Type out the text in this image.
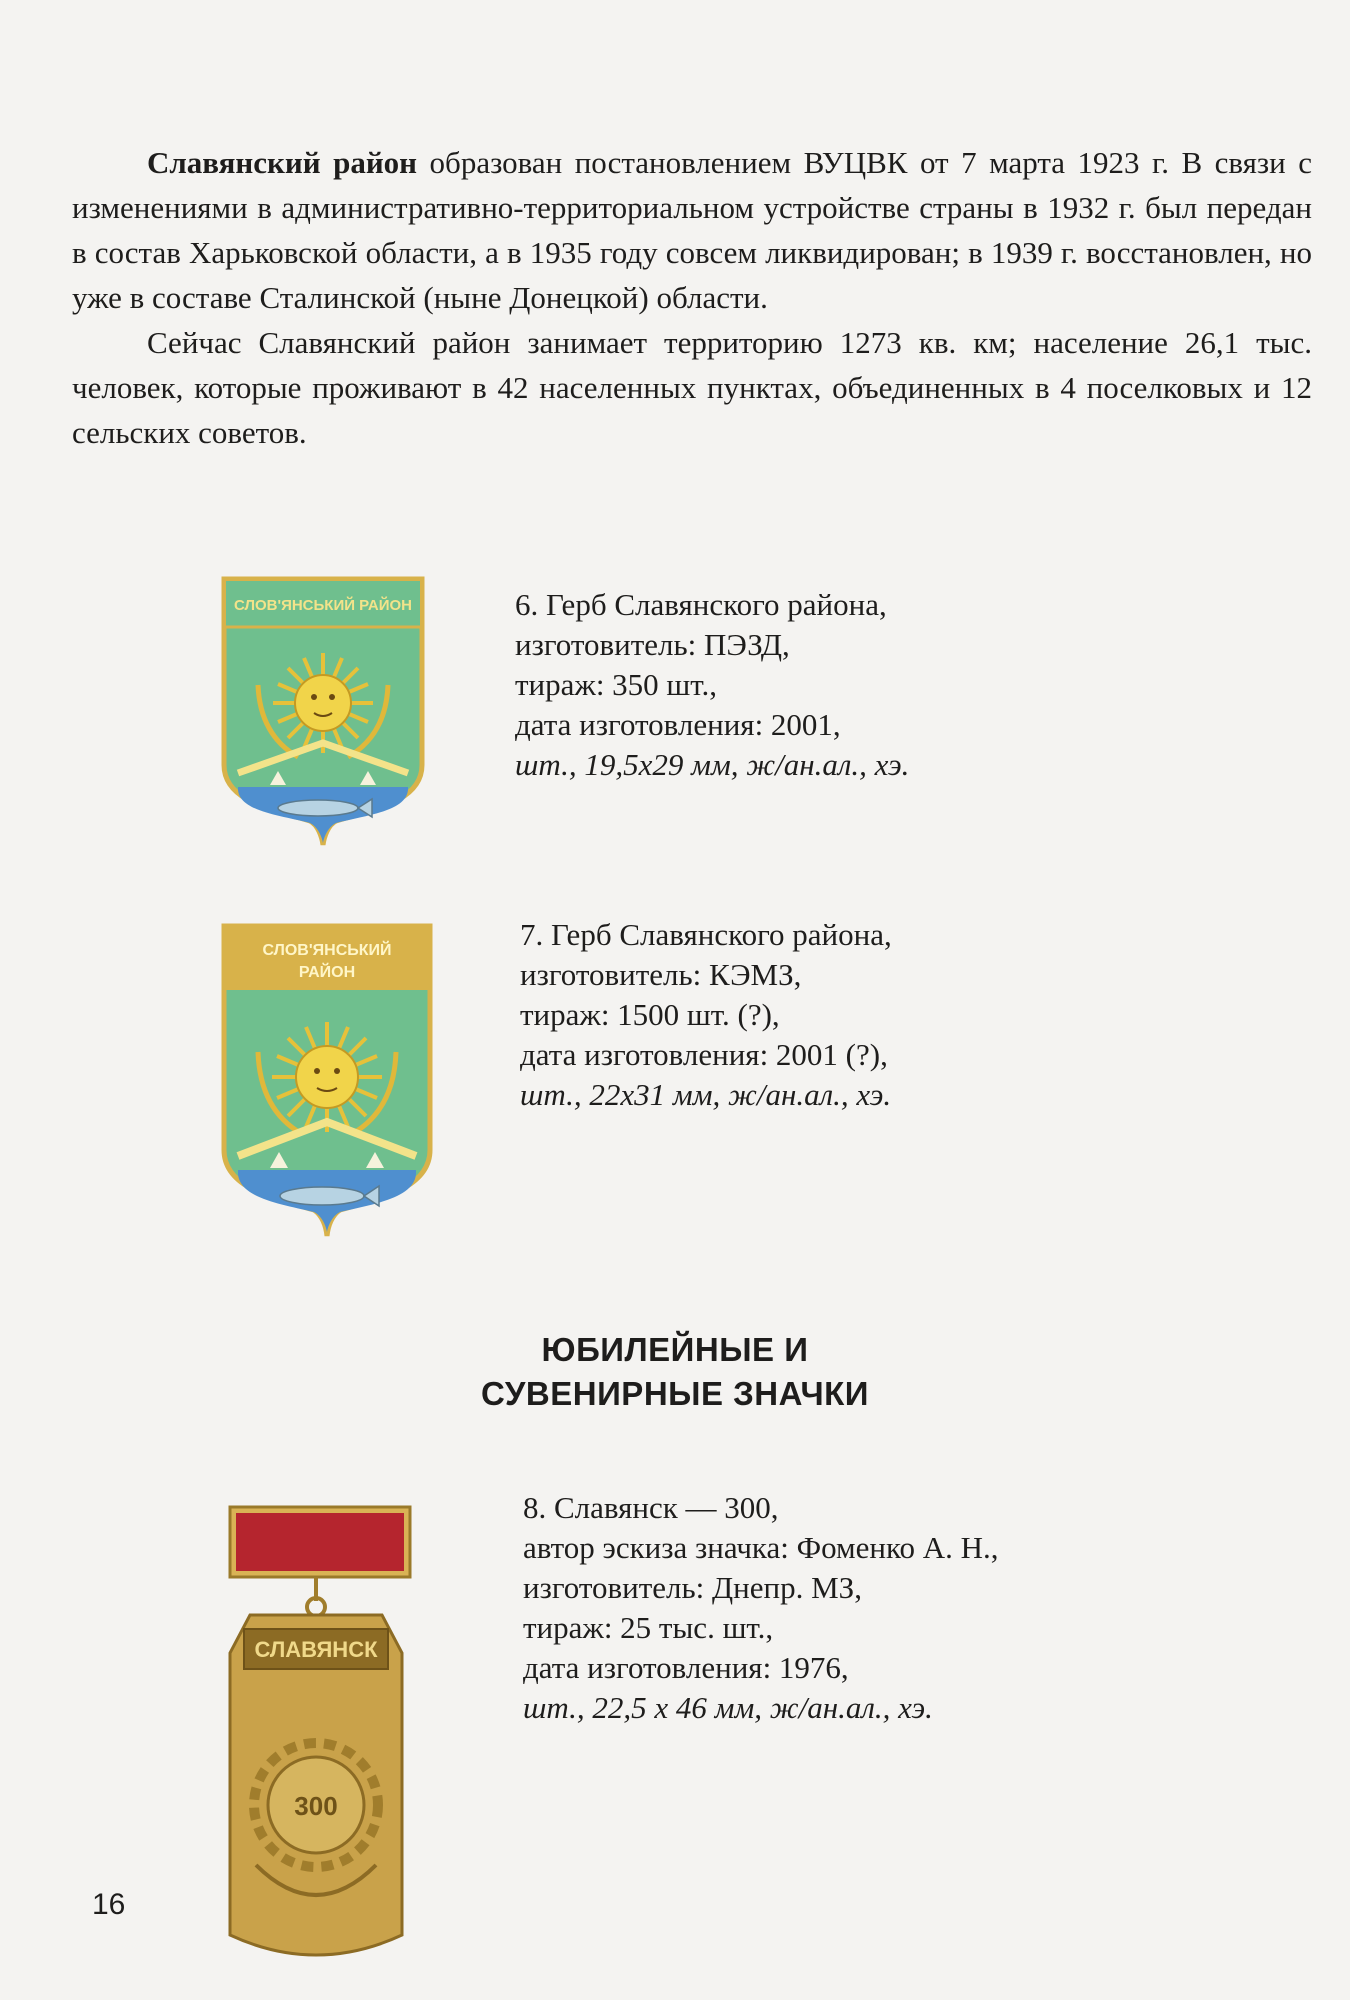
Славянский район образован постановлением ВУЦВК от 7 марта 1923 г. В связи с изменениями в административно-территориальном устройстве страны в 1932 г. был передан в состав Харьковской области, а в 1935 году совсем ликвидирован; в 1939 г. восстановлен, но уже в составе Сталинской (ныне Донецкой) области.

Сейчас Славянский район занимает территорию 1273 кв. км; население 26,1 тыс. человек, которые проживают в 42 населенных пунктах, объединенных в 4 поселковых и 12 сельских советов.

СЛОВ'ЯНСЬКИЙ РАЙОН	6. Герб Славянского района,
изготовитель: ПЭЗД,
тираж: 350 шт.,
дата изготовления: 2001,
шт., 19,5х29 мм, ж/ан.ал., хэ.
СЛОВ'ЯНСЬКИЙ
РАЙОН
7. Герб Славянского района,
изготовитель: КЭМЗ,
тираж: 1500 шт. (?),
дата изготовления: 2001 (?),
шт., 22х31 мм, ж/ан.ал., хэ.
ЮБИЛЕЙНЫЕ И
СУВЕНИРНЫЕ ЗНАЧКИ
СЛАВЯНСК
300
8. Славянск — 300,
автор эскиза значка: Фоменко А. Н.,
изготовитель: Днепр. МЗ,
тираж: 25 тыс. шт.,
дата изготовления: 1976,
шт., 22,5 х 46 мм, ж/ан.ал., хэ.
16
